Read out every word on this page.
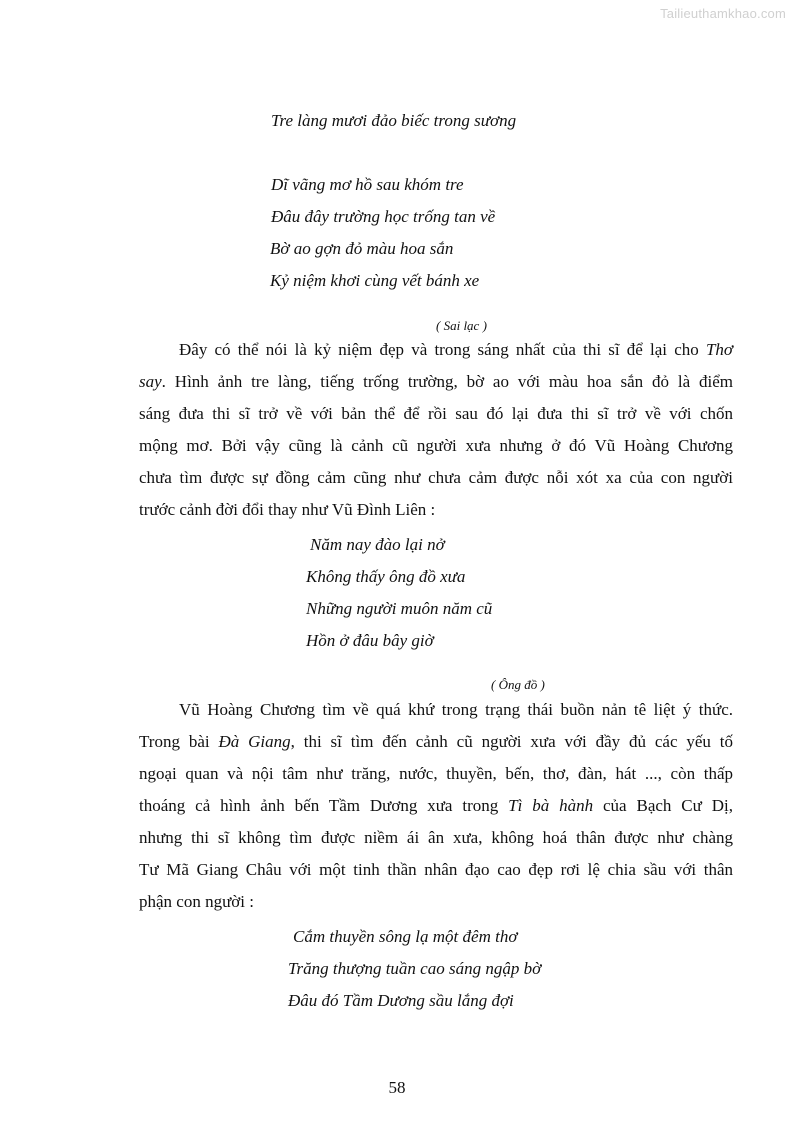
Tailieuthamkhao.com
Tre làng mươi đảo biếc trong sương
Dĩ vãng mơ hồ sau khóm tre
Đâu đây trường học trống tan về
Bờ ao gợn đỏ màu hoa sắn
Kỷ niệm khơi cùng vết bánh xe
( Sai lạc )
Đây có thể nói là kỷ niệm đẹp và trong sáng nhất của thi sĩ để lại cho Thơ
say. Hình ảnh tre làng, tiếng trống trường, bờ ao với màu hoa sắn đỏ là điểm
sáng đưa thi sĩ trở về với bản thể để rồi sau đó lại đưa thi sĩ trở về với chốn
mộng mơ. Bởi vậy cũng là cảnh cũ người xưa nhưng ở đó Vũ Hoàng Chương
chưa tìm được sự đồng cảm cũng như chưa cảm được nỗi xót xa của con người
trước cảnh đời đổi thay như Vũ Đình Liên :
Năm nay đào lại nở
Không thấy ông đồ xưa
Những người muôn năm cũ
Hồn ở đâu bây giờ
( Ông đồ )
Vũ Hoàng Chương tìm về quá khứ trong trạng thái buồn nản tê liệt ý thức.
Trong bài Đà Giang, thi sĩ tìm đến cảnh cũ người xưa với đầy đủ các yếu tố
ngoại quan và nội tâm như trăng, nước, thuyền, bến, thơ, đàn, hát ..., còn thấp
thoáng cả hình ảnh bến Tầm Dương xưa trong Tì bà hành của Bạch Cư Dị,
nhưng thi sĩ không tìm được niềm ái ân xưa, không hoá thân được như chàng
Tư Mã Giang Châu với một tinh thần nhân đạo cao đẹp rơi lệ chia sầu với thân
phận con người :
Cắm thuyền sông lạ một đêm thơ
Trăng thượng tuần cao sáng ngập bờ
Đâu đó Tầm Dương sầu lắng đợi
58
